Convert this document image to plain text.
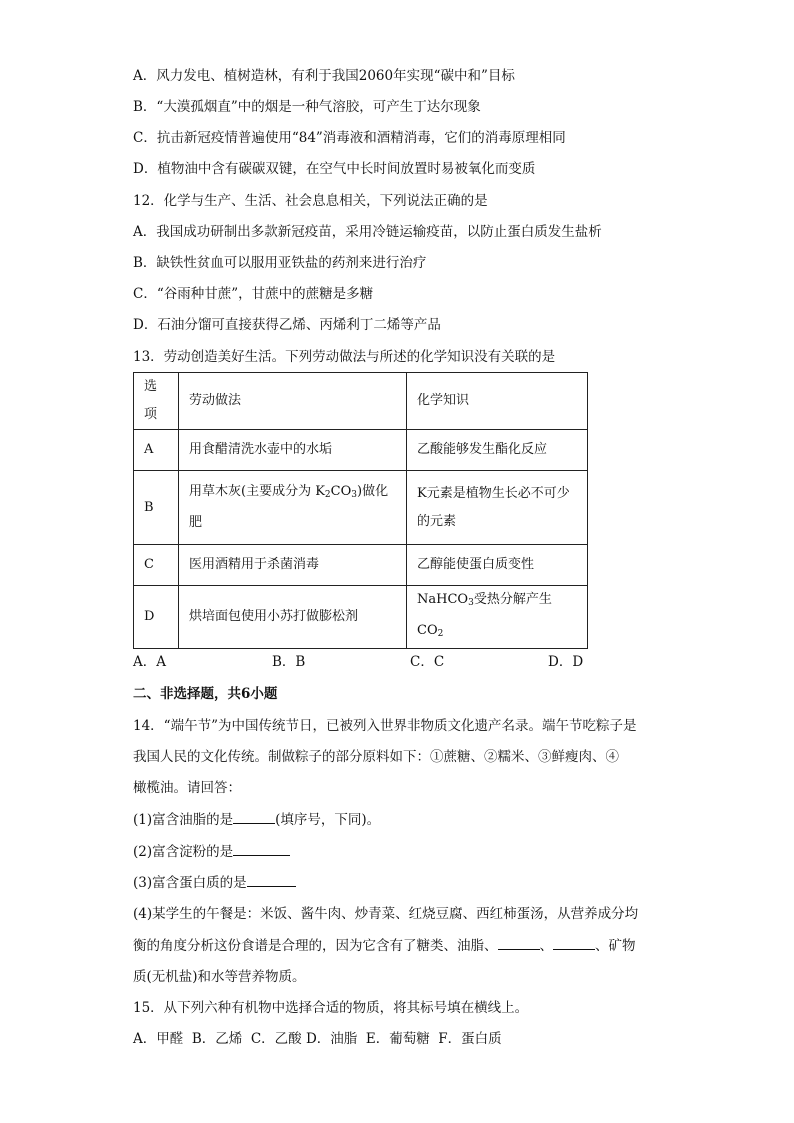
A．风力发电、植树造林，有利于我国2060年实现“碳中和”目标
B．“大漠孤烟直”中的烟是一种气溶胶，可产生丁达尔现象
C．抗击新冠疫情普遍使用“84”消毒液和酒精消毒，它们的消毒原理相同
D．植物油中含有碳碳双键，在空气中长时间放置时易被氧化而变质
12．化学与生产、生活、社会息息相关，下列说法正确的是
A．我国成功研制出多款新冠疫苗，采用冷链运输疫苗，以防止蛋白质发生盐析
B．缺铁性贫血可以服用亚铁盐的药剂来进行治疗
C．“谷雨种甘蔗”，甘蔗中的蔗糖是多糖
D．石油分馏可直接获得乙烯、丙烯利丁二烯等产品
13．劳动创造美好生活。下列劳动做法与所述的化学知识没有关联的是
选项	劳动做法	化学知识
A	用食醋清洗水壶中的水垢	乙酸能够发生酯化反应
B	用草木灰(主要成分为 $K_2CO_3$)做化肥	K元素是植物生长必不可少的元素
C	医用酒精用于杀菌消毒	乙醇能使蛋白质变性
D	烘培面包使用小苏打做膨松剂	NaHCO$_3$受热分解产生 $CO_2$
A．A	B．B	C．C	D．D
二、非选择题，共6小题
14．“端午节”为中国传统节日，已被列入世界非物质文化遗产名录。端午节吃粽子是
我国人民的文化传统。制做粽子的部分原料如下：①蔗糖、②糯米、③鲜瘦肉、④
橄榄油。请回答：
(1)富含油脂的是	(填序号，下同)。
(2)富含淀粉的是
(3)富含蛋白质的是
(4)某学生的午餐是：米饭、酱牛肉、炒青菜、红烧豆腐、西红柿蛋汤，从营养成分均
衡的角度分析这份食谱是合理的，因为它含有了糖类、油脂、	、	、矿物
质(无机盐)和水等营养物质。
15．从下列六种有机物中选择合适的物质，将其标号填在横线上。
A．甲醛  B．乙烯  C．乙酸 D．油脂  E．葡萄糖  F．蛋白质
